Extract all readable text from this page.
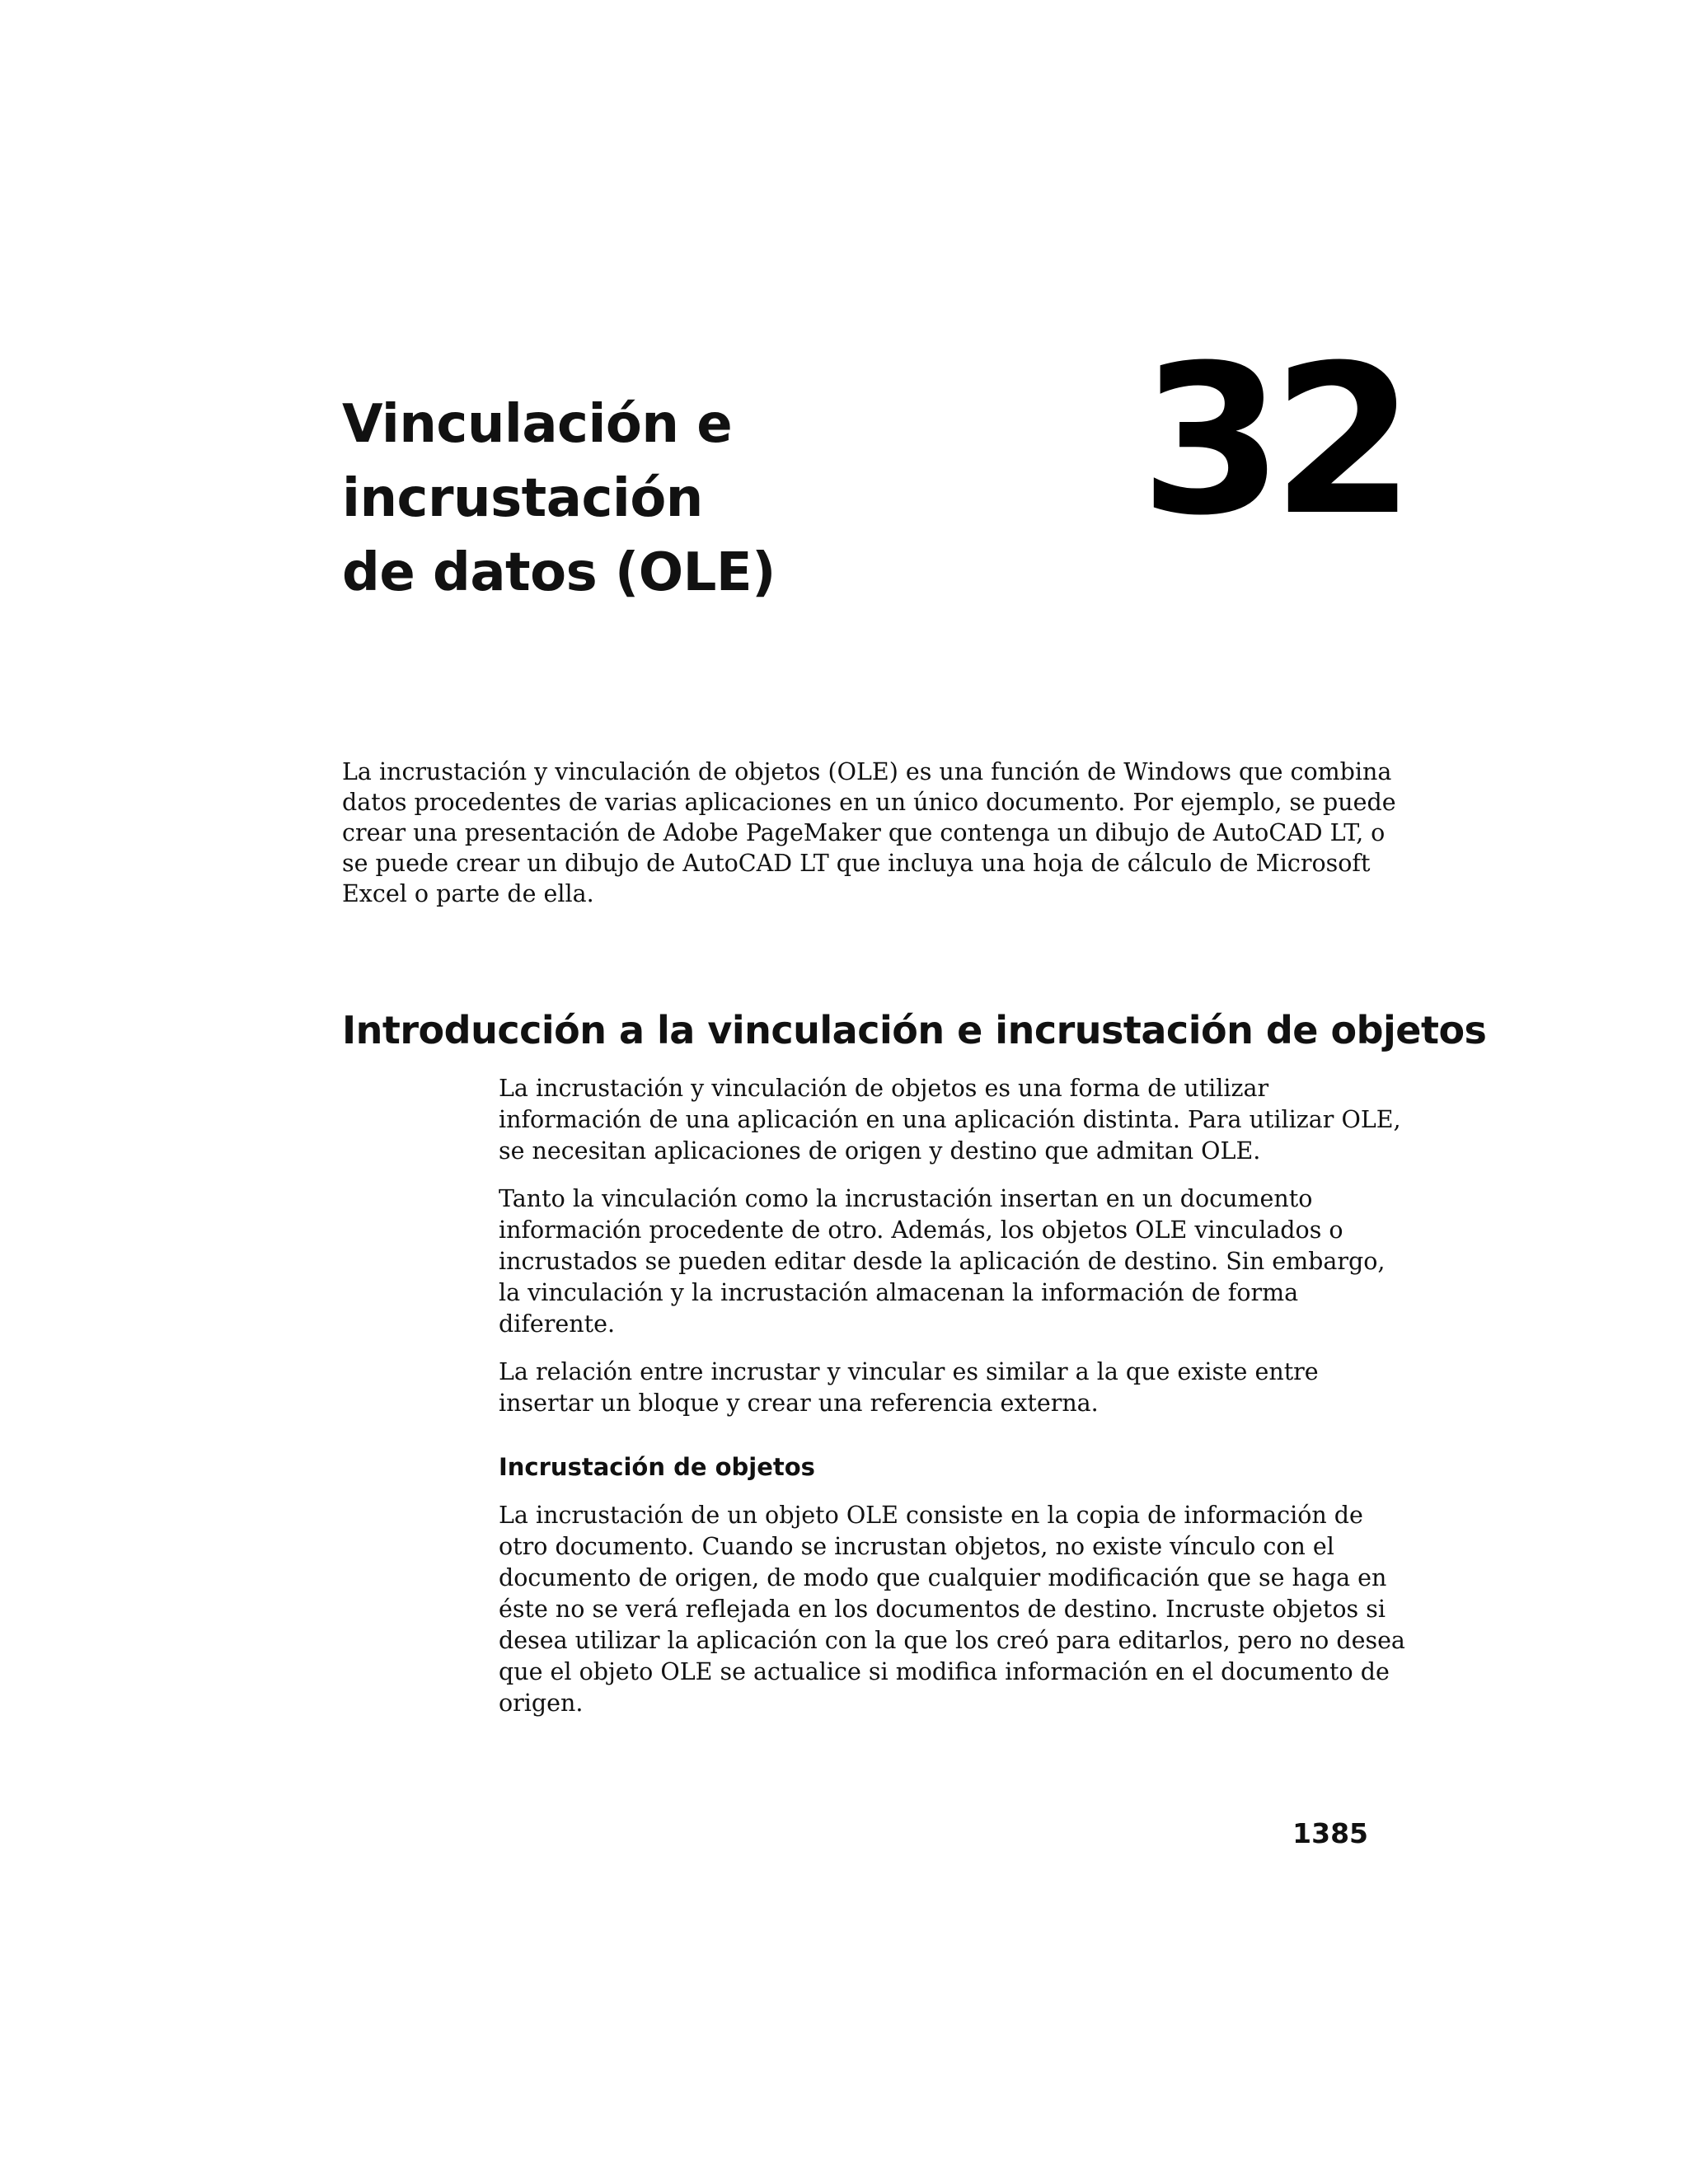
Vinculación e incrustación
de datos (OLE)
32

La incrustación y vinculación de objetos (OLE) es una función de Windows que combina datos procedentes de varias aplicaciones en un único documento. Por ejemplo, se puede crear una presentación de Adobe PageMaker que contenga un dibujo de AutoCAD LT, o se puede crear un dibujo de AutoCAD LT que incluya una hoja de cálculo de Microsoft Excel o parte de ella.

Introducción a la vinculación e incrustación de objetos

La incrustación y vinculación de objetos es una forma de utilizar información de una aplicación en una aplicación distinta. Para utilizar OLE, se necesitan aplicaciones de origen y destino que admitan OLE.

Tanto la vinculación como la incrustación insertan en un documento información procedente de otro. Además, los objetos OLE vinculados o incrustados se pueden editar desde la aplicación de destino. Sin embargo, la vinculación y la incrustación almacenan la información de forma diferente.

La relación entre incrustar y vincular es similar a la que existe entre insertar un bloque y crear una referencia externa.

Incrustación de objetos

La incrustación de un objeto OLE consiste en la copia de información de otro documento. Cuando se incrustan objetos, no existe vínculo con el documento de origen, de modo que cualquier modificación que se haga en éste no se verá reflejada en los documentos de destino. Incruste objetos si desea utilizar la aplicación con la que los creó para editarlos, pero no desea que el objeto OLE se actualice si modifica información en el documento de origen.

1385
